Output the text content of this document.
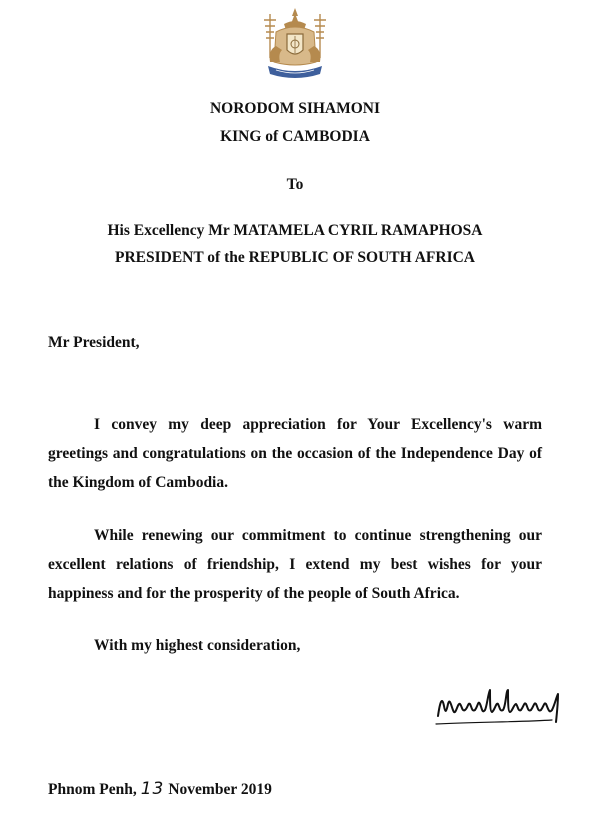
NORODOM SIHAMONI
KING of CAMBODIA
To
His Excellency Mr MATAMELA CYRIL RAMAPHOSA
PRESIDENT of the REPUBLIC OF SOUTH AFRICA
Mr President,

I convey my deep appreciation for Your Excellency's warm greetings and congratulations on the occasion of the Independence Day of the Kingdom of Cambodia.

While renewing our commitment to continue strengthening our excellent relations of friendship, I extend my best wishes for your happiness and for the prosperity of the people of South Africa.

With my highest consideration,
Phnom Penh, 13 November 2019
